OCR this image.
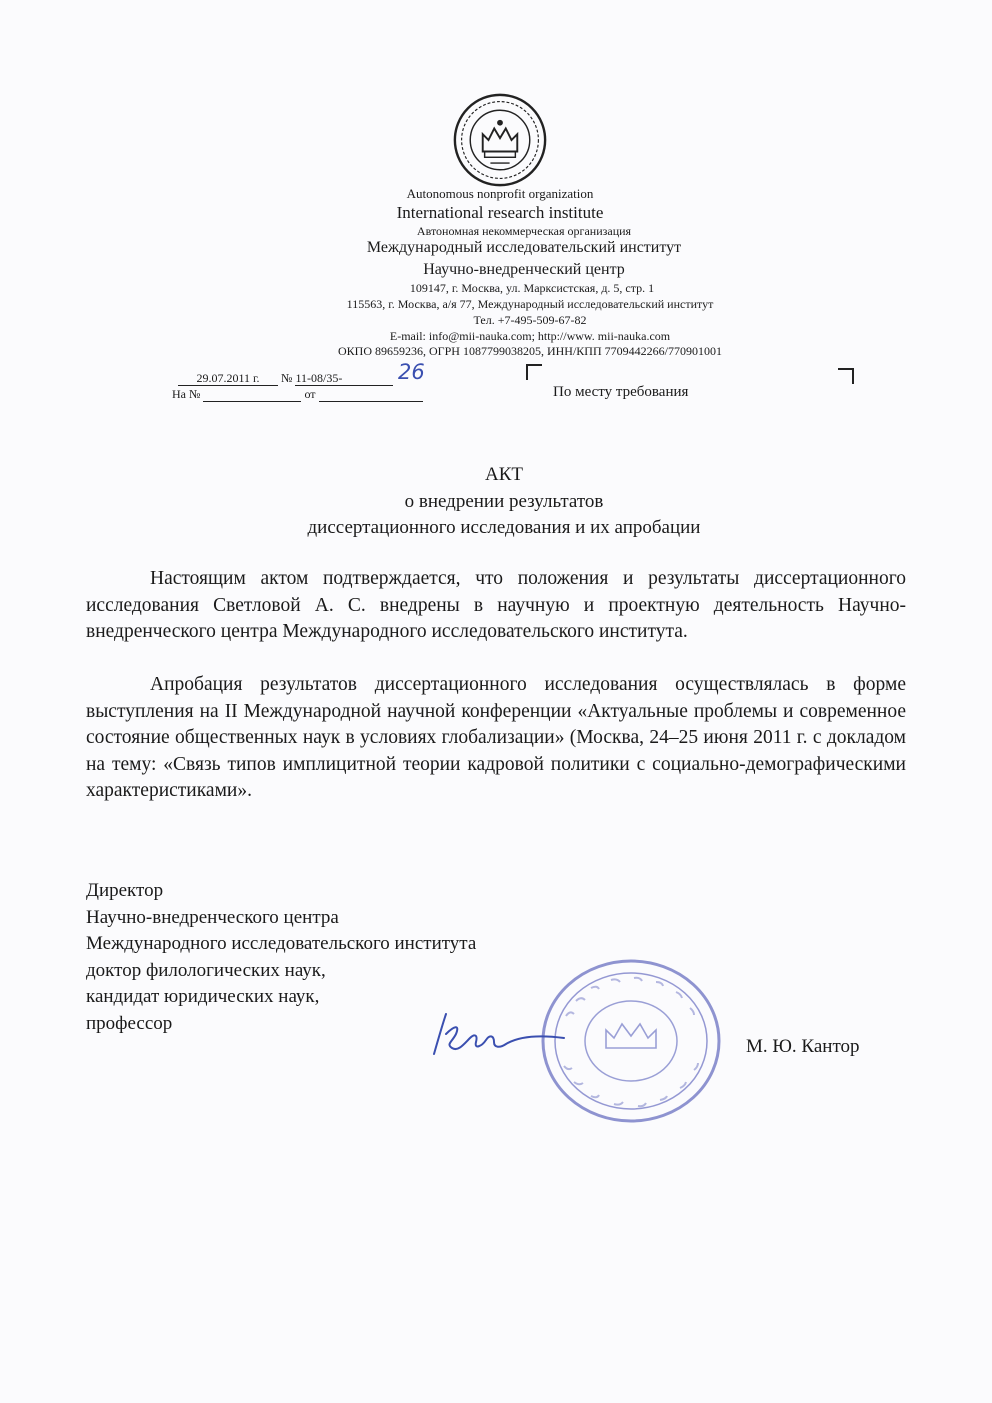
Autonomous nonprofit organization
International research institute
Автономная некоммерческая организация
Международный исследовательский институт
Научно-внедренческий центр
109147, г. Москва, ул. Марксистская, д. 5, стр. 1
115563, г. Москва, а/я 77, Международный исследовательский институт
Тел. +7-495-509-67-82
E-mail: info@mii-nauka.com; http://www. mii-nauka.com
ОКПО 89659236, ОГРН 1087799038205, ИНН/КПП 7709442266/770901001
29.07.2011 г. № 11-08/35-	26
На №	от	По месту требования
АКТ
о внедрении результатов
диссертационного исследования и их апробации
Настоящим актом подтверждается, что положения и результаты диссертационного исследования Светловой А. С. внедрены в научную и проектную деятельность Научно-внедренческого центра Международного исследовательского института.
Апробация результатов диссертационного исследования осуществлялась в форме выступления на II Международной научной конференции «Актуальные проблемы и современное состояние общественных наук в условиях глобализации» (Москва, 24–25 июня 2011 г. с докладом на тему: «Связь типов имплицитной теории кадровой политики с социально-демографическими характеристиками».
Директор
Научно-внедренческого центра
Международного исследовательского института
доктор филологических наук,
кандидат юридических наук,
профессор
М. Ю. Кантор
